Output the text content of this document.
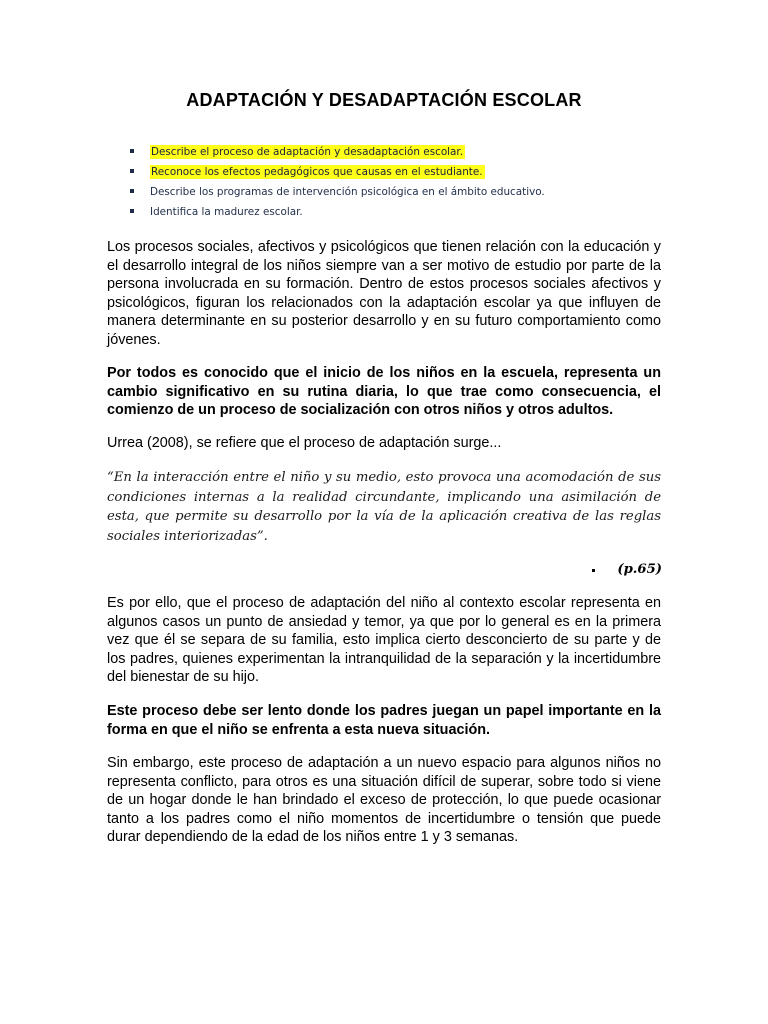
ADAPTACIÓN Y DESADAPTACIÓN ESCOLAR
Describe el proceso de adaptación y desadaptación escolar.
Reconoce los efectos pedagógicos que causas en el estudiante.
Describe los programas de intervención psicológica en el ámbito educativo.
Identifica la madurez escolar.

Los procesos sociales, afectivos y psicológicos que tienen relación con la educación y el desarrollo integral de los niños siempre van a ser motivo de estudio por parte de la persona involucrada en su formación. Dentro de estos procesos sociales afectivos y psicológicos, figuran los relacionados con la adaptación escolar ya que influyen de manera determinante en su posterior desarrollo y en su futuro comportamiento como jóvenes.

Por todos es conocido que el inicio de los niños en la escuela, representa un cambio significativo en su rutina diaria, lo que trae como consecuencia, el comienzo de un proceso de socialización con otros niños y otros adultos.

Urrea (2008), se refiere que el proceso de adaptación surge...

“En la interacción entre el niño y su medio, esto provoca una acomodación de sus condiciones internas a la realidad circundante, implicando una asimilación de esta, que permite su desarrollo por la vía de la aplicación creativa de las reglas sociales interiorizadas”.

(p.65)

Es por ello, que el proceso de adaptación del niño al contexto escolar representa en algunos casos un punto de ansiedad y temor, ya que por lo general es en la primera vez que él se separa de su familia, esto implica cierto desconcierto de su parte y de los padres, quienes experimentan la intranquilidad de la separación y la incertidumbre del bienestar de su hijo.

Este proceso debe ser lento donde los padres juegan un papel importante en la forma en que el niño se enfrenta a esta nueva situación.

Sin embargo, este proceso de adaptación a un nuevo espacio para algunos niños no representa conflicto, para otros es una situación difícil de superar, sobre todo si viene de un hogar donde le han brindado el exceso de protección, lo que puede ocasionar tanto a los padres como el niño momentos de incertidumbre o tensión que puede durar dependiendo de la edad de los niños entre 1 y 3 semanas.
